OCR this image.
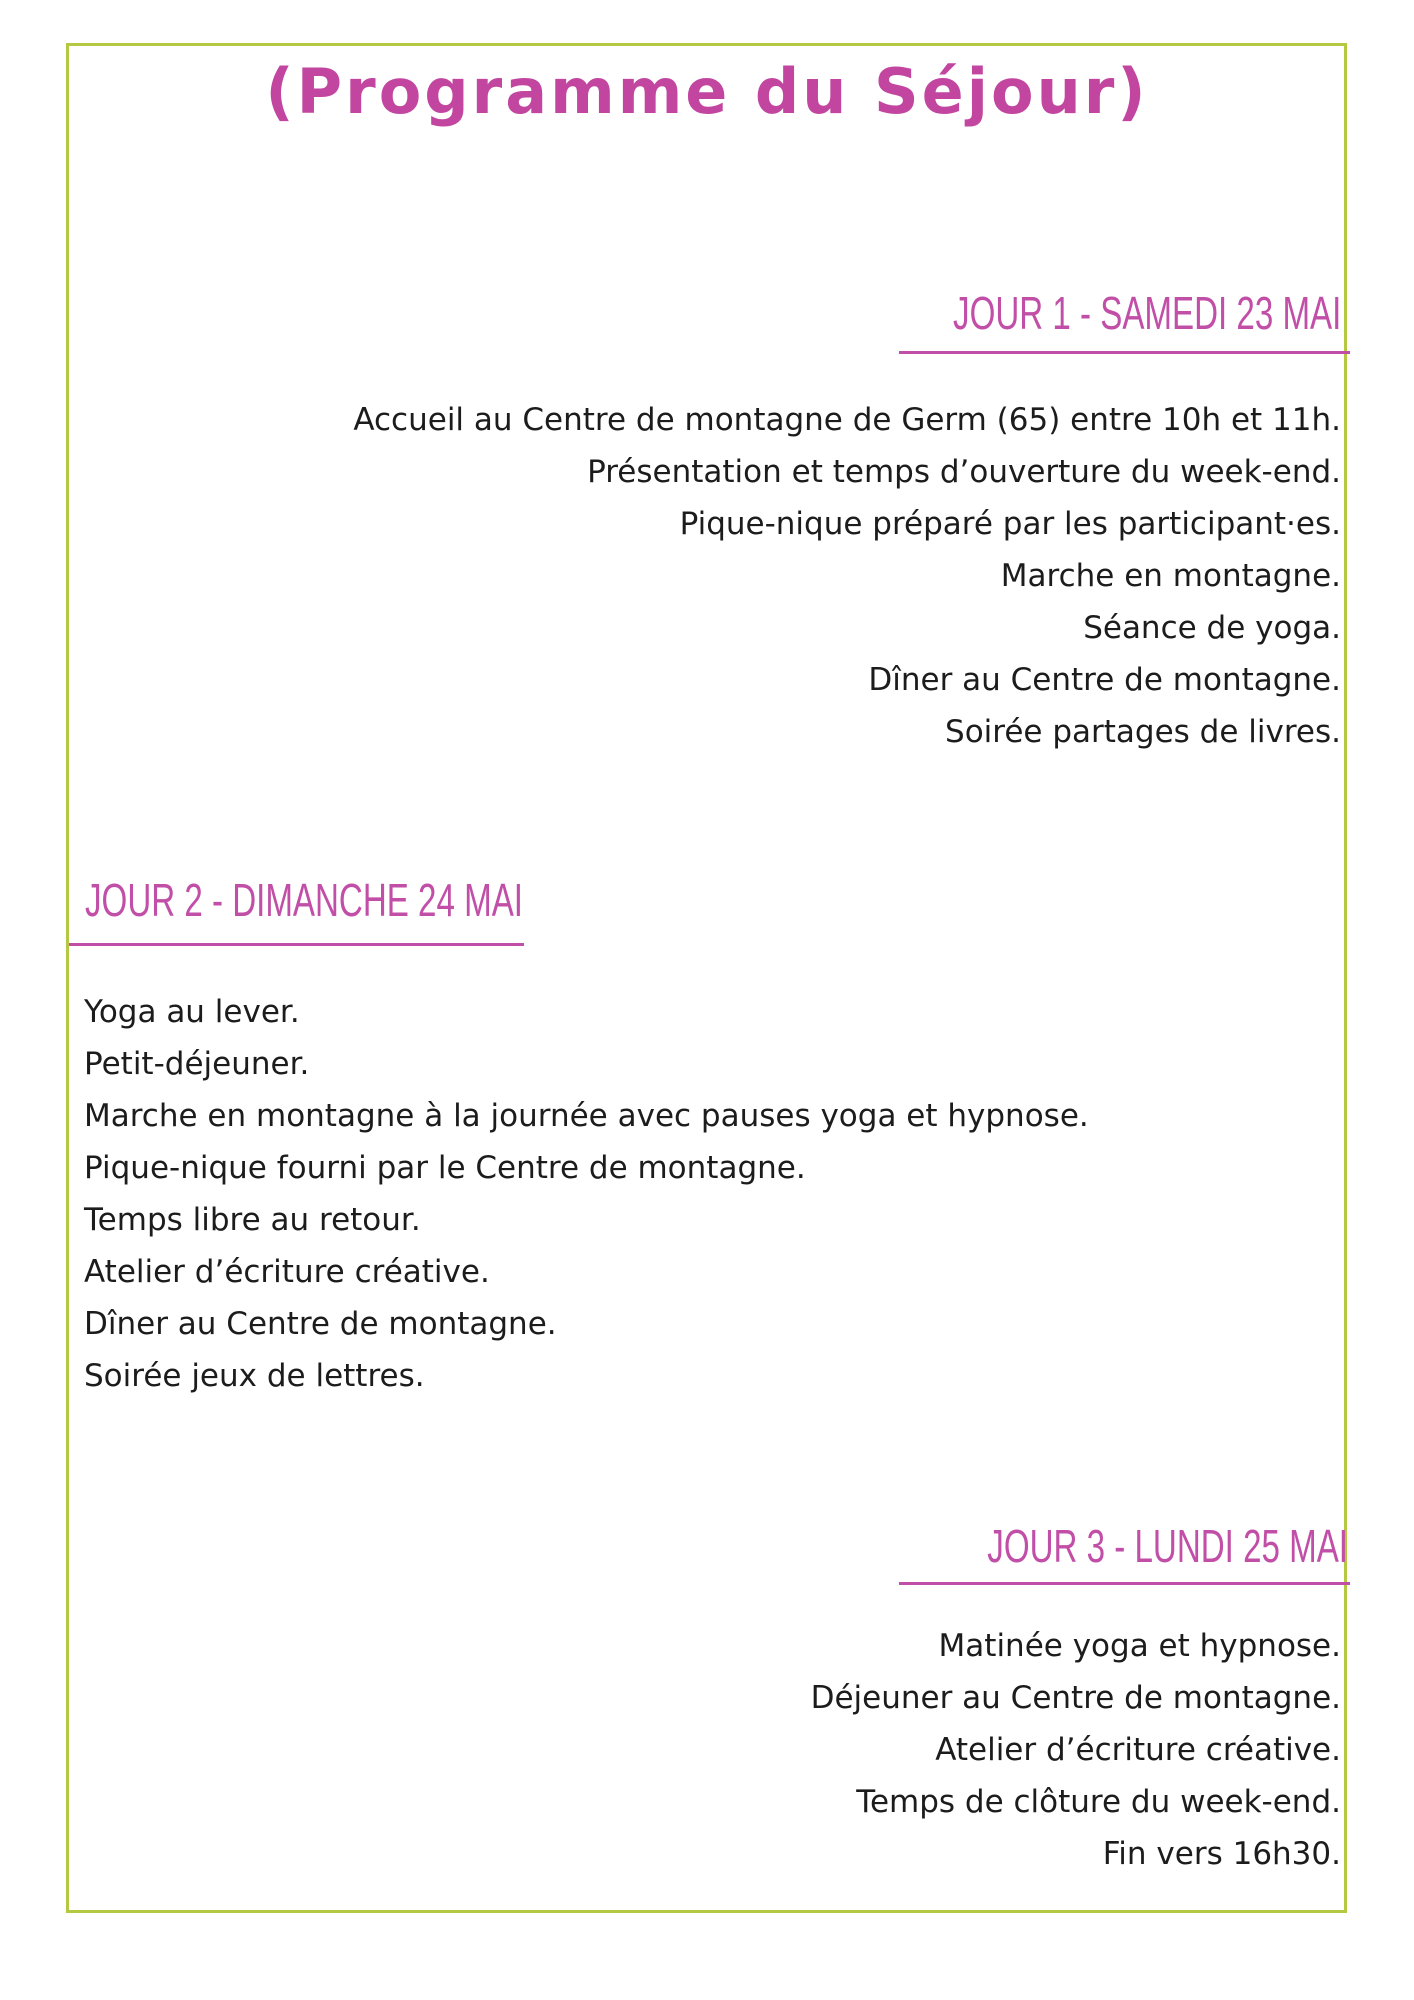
(Programme du Séjour)
JOUR 1 - SAMEDI 23 MAI
Accueil au Centre de montagne de Germ (65) entre 10h et 11h.
Présentation et temps d’ouverture du week-end.
Pique-nique préparé par les participant·es.
Marche en montagne.
Séance de yoga.
Dîner au Centre de montagne.
Soirée partages de livres.
JOUR 2 - DIMANCHE 24 MAI
Yoga au lever.
Petit-déjeuner.
Marche en montagne à la journée avec pauses yoga et hypnose.
Pique-nique fourni par le Centre de montagne.
Temps libre au retour.
Atelier d’écriture créative.
Dîner au Centre de montagne.
Soirée jeux de lettres.
JOUR 3 - LUNDI 25 MAI
Matinée yoga et hypnose.
Déjeuner au Centre de montagne.
Atelier d’écriture créative.
Temps de clôture du week-end.
Fin vers 16h30.
